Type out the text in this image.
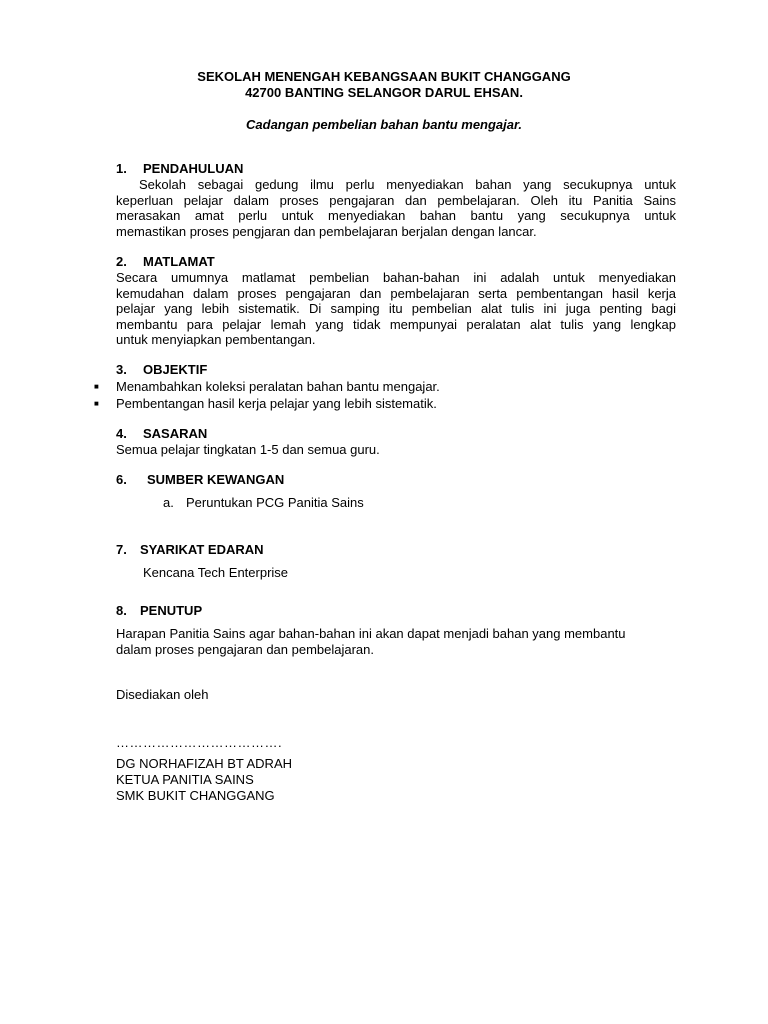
SEKOLAH MENENGAH KEBANGSAAN BUKIT CHANGGANG
42700 BANTING SELANGOR DARUL EHSAN.
Cadangan pembelian bahan bantu mengajar.
1. PENDAHULUAN
Sekolah sebagai gedung ilmu perlu menyediakan bahan yang secukupnya untuk
keperluan pelajar dalam proses pengajaran dan pembelajaran. Oleh itu Panitia Sains
merasakan amat perlu untuk menyediakan bahan bantu yang secukupnya untuk
memastikan proses pengjaran dan pembelajaran berjalan dengan lancar.
2. MATLAMAT
Secara umumnya matlamat pembelian bahan-bahan ini adalah untuk menyediakan
kemudahan dalam proses pengajaran dan pembelajaran serta pembentangan hasil kerja
pelajar yang lebih sistematik. Di samping itu pembelian alat tulis ini juga penting bagi
membantu para pelajar lemah yang tidak mempunyai peralatan alat tulis yang lengkap
untuk menyiapkan pembentangan.
3. OBJEKTIF
■ Menambahkan koleksi peralatan bahan bantu mengajar.
■ Pembentangan hasil kerja pelajar yang lebih sistematik.
4. SASARAN
Semua pelajar tingkatan 1-5 dan semua guru.
6. SUMBER KEWANGAN
a. Peruntukan PCG Panitia Sains
7. SYARIKAT EDARAN
Kencana Tech Enterprise
8. PENUTUP
Harapan Panitia Sains agar bahan-bahan ini akan dapat menjadi bahan yang membantu
dalam proses pengajaran dan pembelajaran.
Disediakan oleh
……………………………….
DG NORHAFIZAH BT ADRAH
KETUA PANITIA SAINS
SMK BUKIT CHANGGANG
